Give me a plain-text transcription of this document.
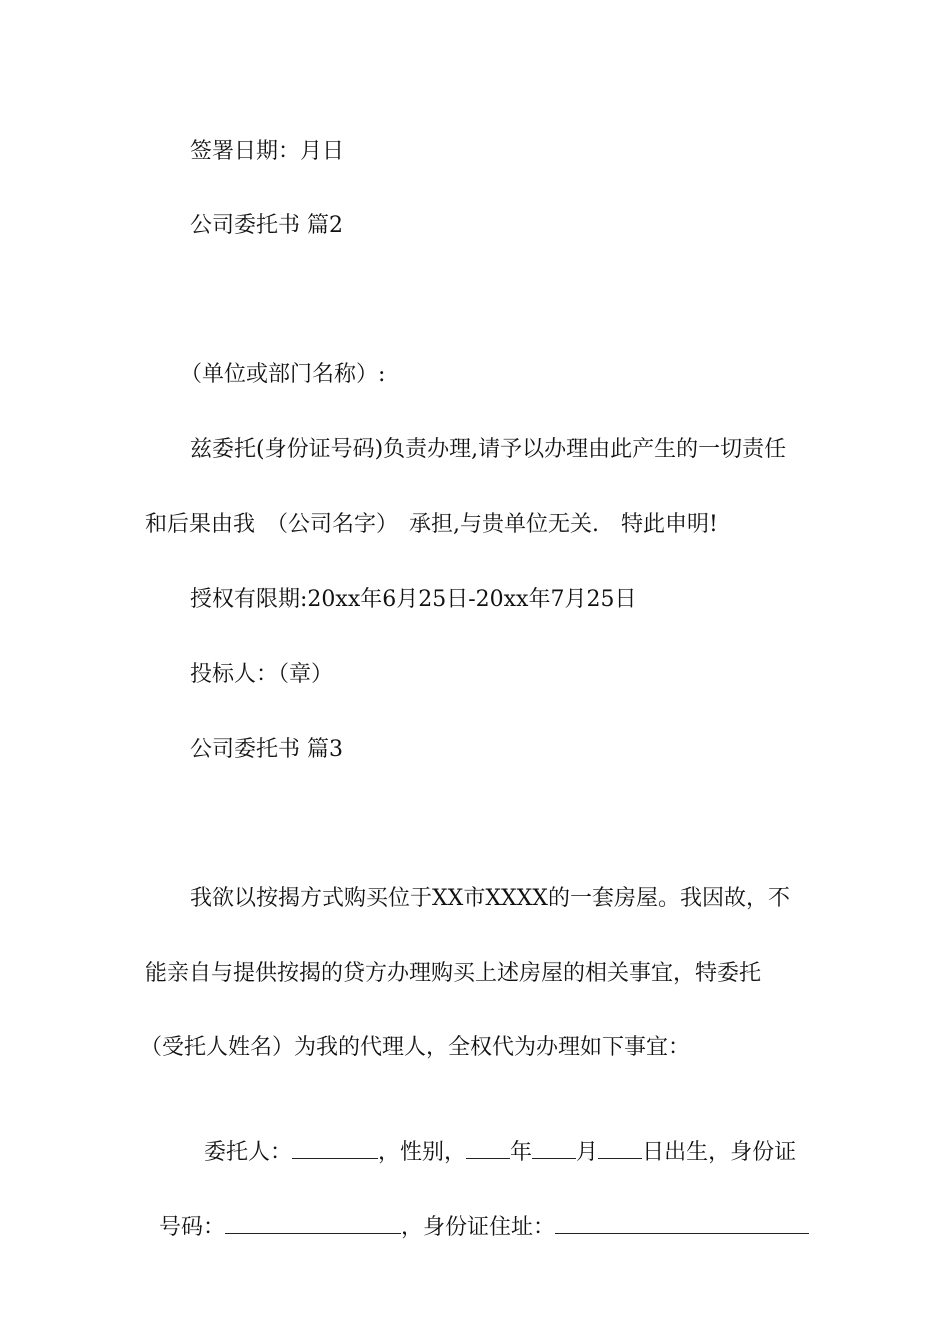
签署日期：月日
公司委托书 篇2
（单位或部门名称）:
兹委托(身份证号码)负责办理,请予以办理由此产生的一切责任
和后果由我　（公司名字）　承担,与贵单位无关.　特此申明!
授权有限期:20xx年6月25日-20xx年7月25日
投标人：（章）
公司委托书 篇3
我欲以按揭方式购买位于XX市XXXX的一套房屋。我因故，不
能亲自与提供按揭的贷方办理购买上述房屋的相关事宜，特委托
（受托人姓名）为我的代理人，全权代为办理如下事宜：

委托人：	，性别， 年 月 日出生，身份证

号码：	，身份证住址：
